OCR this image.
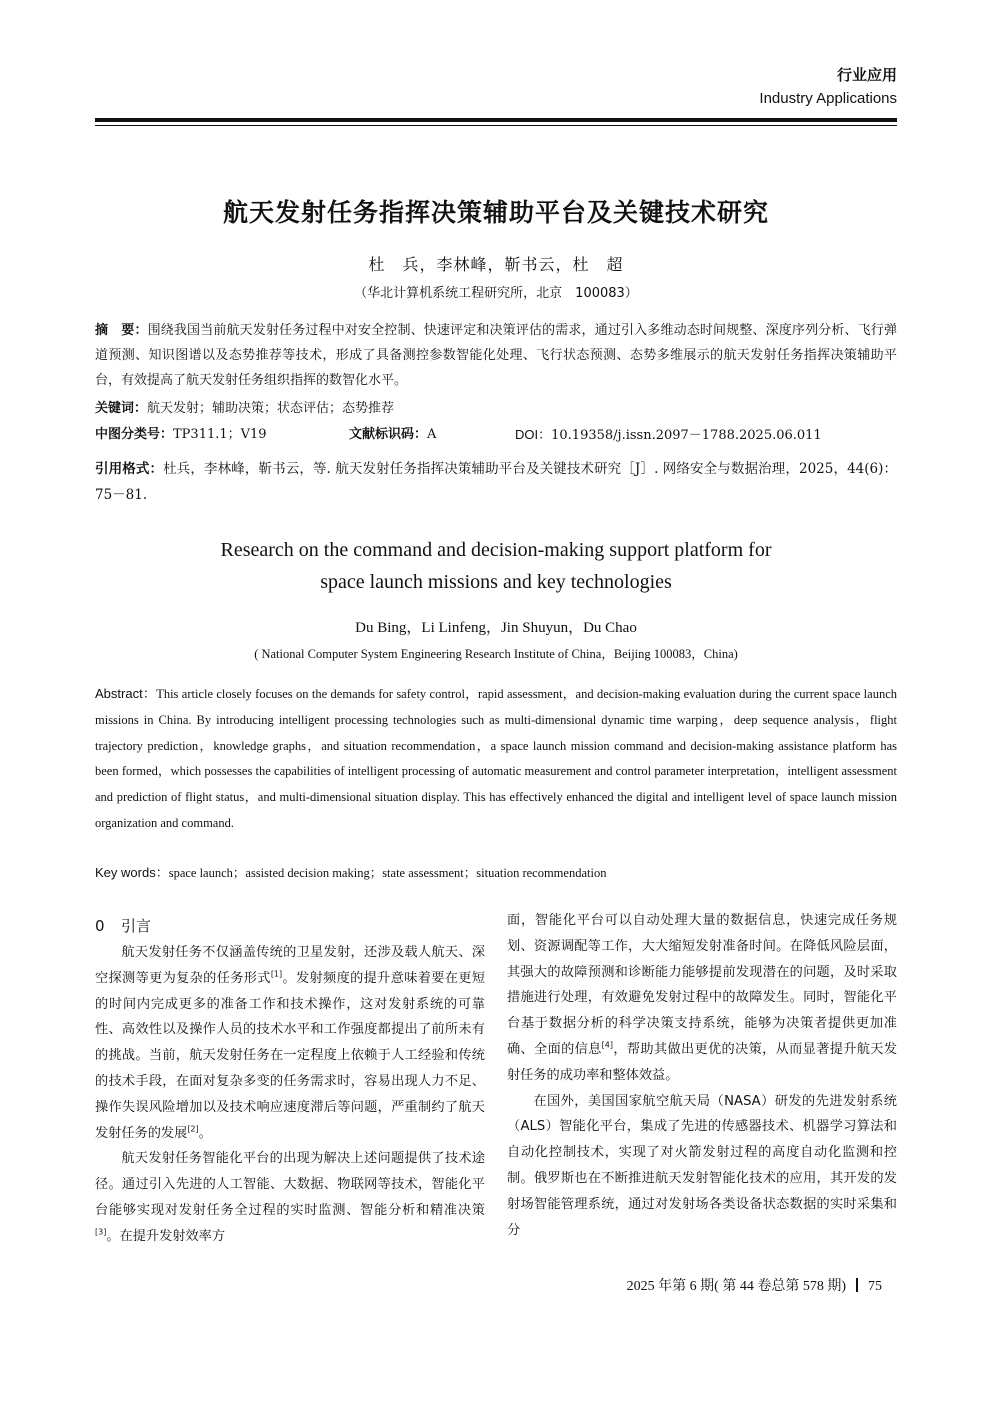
行业应用
Industry Applications
航天发射任务指挥决策辅助平台及关键技术研究
杜　兵，李林峰，靳书云，杜　超
（华北计算机系统工程研究所，北京　100083）
摘　要：围绕我国当前航天发射任务过程中对安全控制、快速评定和决策评估的需求，通过引入多维动态时间规整、深度序列分析、飞行弹道预测、知识图谱以及态势推荐等技术，形成了具备测控参数智能化处理、飞行状态预测、态势多维展示的航天发射任务指挥决策辅助平台，有效提高了航天发射任务组织指挥的数智化水平。
关键词：航天发射；辅助决策；状态评估；态势推荐
中图分类号：TP311.1；V19	文献标识码：A	DOI：10.19358/j.issn.2097－1788.2025.06.011
引用格式：杜兵，李林峰，靳书云，等. 航天发射任务指挥决策辅助平台及关键技术研究［J］. 网络安全与数据治理，2025，44(6)：75－81.
Research on the command and decision-making support platform for
space launch missions and key technologies
Du Bing，Li Linfeng，Jin Shuyun，Du Chao
( National Computer System Engineering Research Institute of China，Beijing 100083，China)
Abstract：This article closely focuses on the demands for safety control，rapid assessment，and decision-making evaluation during the current space launch missions in China. By introducing intelligent processing technologies such as multi-dimensional dynamic time warping，deep sequence analysis，flight trajectory prediction，knowledge graphs，and situation recommendation，a space launch mission command and decision-making assistance platform has been formed，which possesses the capabilities of intelligent processing of automatic measurement and control parameter interpretation，intelligent assessment and prediction of flight status，and multi-dimensional situation display. This has effectively enhanced the digital and intelligent level of space launch mission organization and command.
Key words：space launch；assisted decision making；state assessment；situation recommendation
0 引言

航天发射任务不仅涵盖传统的卫星发射，还涉及载人航天、深空探测等更为复杂的任务形式[1]。发射频度的提升意味着要在更短的时间内完成更多的准备工作和技术操作，这对发射系统的可靠性、高效性以及操作人员的技术水平和工作强度都提出了前所未有的挑战。当前，航天发射任务在一定程度上依赖于人工经验和传统的技术手段，在面对复杂多变的任务需求时，容易出现人力不足、操作失误风险增加以及技术响应速度滞后等问题，严重制约了航天发射任务的发展[2]。

航天发射任务智能化平台的出现为解决上述问题提供了技术途径。通过引入先进的人工智能、大数据、物联网等技术，智能化平台能够实现对发射任务全过程的实时监测、智能分析和精准决策[3]。在提升发射效率方

面，智能化平台可以自动处理大量的数据信息，快速完成任务规划、资源调配等工作，大大缩短发射准备时间。在降低风险层面，其强大的故障预测和诊断能力能够提前发现潜在的问题，及时采取措施进行处理，有效避免发射过程中的故障发生。同时，智能化平台基于数据分析的科学决策支持系统，能够为决策者提供更加准确、全面的信息[4]，帮助其做出更优的决策，从而显著提升航天发射任务的成功率和整体效益。

在国外，美国国家航空航天局（NASA）研发的先进发射系统（ALS）智能化平台，集成了先进的传感器技术、机器学习算法和自动化控制技术，实现了对火箭发射过程的高度自动化监测和控制。俄罗斯也在不断推进航天发射智能化技术的应用，其开发的发射场智能管理系统，通过对发射场各类设备状态数据的实时采集和分

2025 年第 6 期( 第 44 卷总第 578 期) 75
